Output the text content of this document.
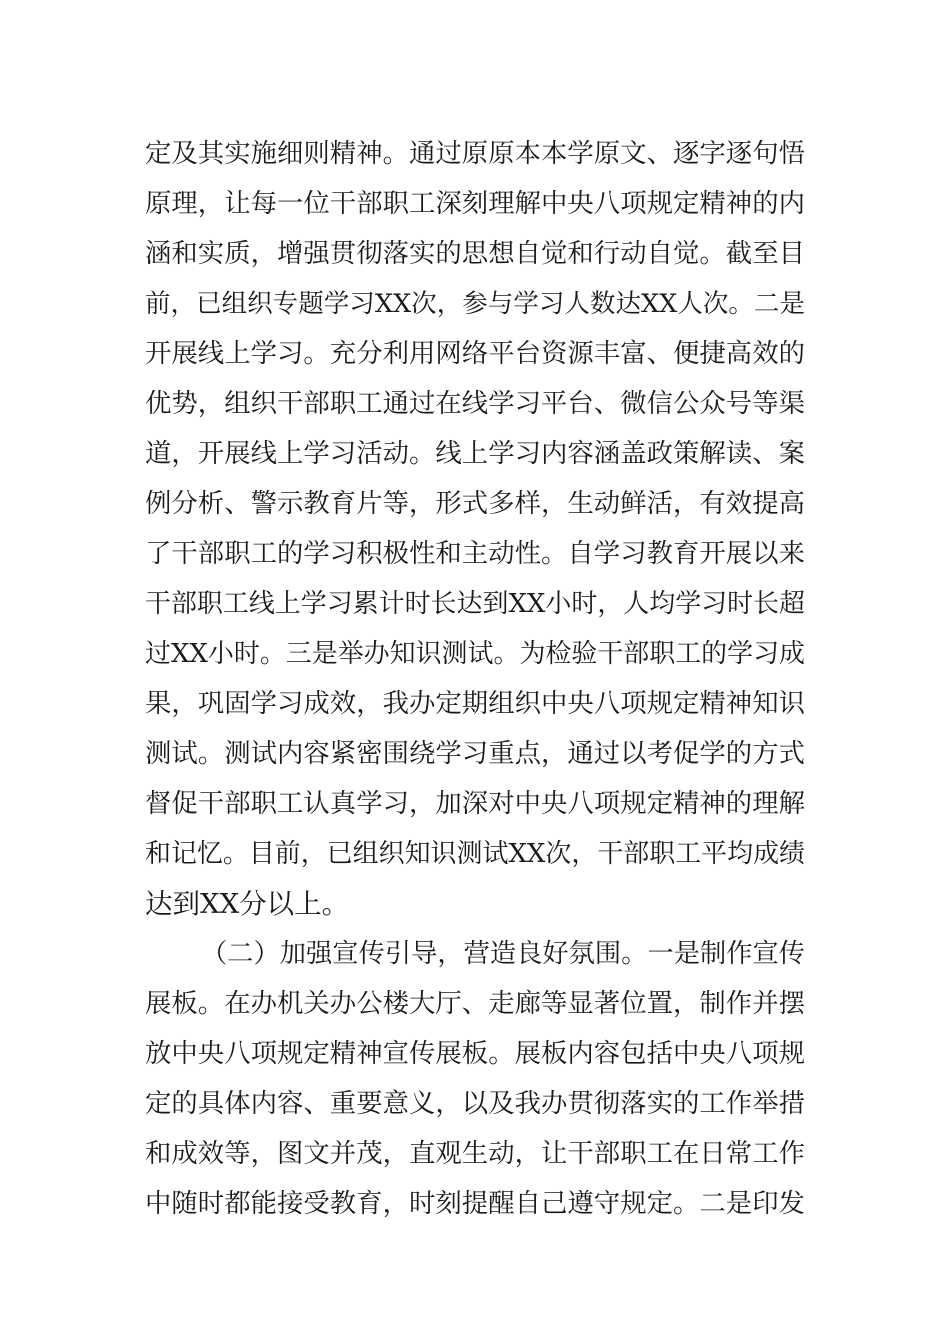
定及其实施细则精神。通过原原本本学原文、逐字逐句悟
原理，让每一位干部职工深刻理解中央八项规定精神的内
涵和实质，增强贯彻落实的思想自觉和行动自觉。截至目
前，已组织专题学习XX次，参与学习人数达XX人次。二是
开展线上学习。充分利用网络平台资源丰富、便捷高效的
优势，组织干部职工通过在线学习平台、微信公众号等渠
道，开展线上学习活动。线上学习内容涵盖政策解读、案
例分析、警示教育片等，形式多样，生动鲜活，有效提高
了干部职工的学习积极性和主动性。自学习教育开展以来
干部职工线上学习累计时长达到XX小时，人均学习时长超
过XX小时。三是举办知识测试。为检验干部职工的学习成
果，巩固学习成效，我办定期组织中央八项规定精神知识
测试。测试内容紧密围绕学习重点，通过以考促学的方式
督促干部职工认真学习，加深对中央八项规定精神的理解
和记忆。目前，已组织知识测试XX次，干部职工平均成绩
达到XX分以上。
（二）加强宣传引导，营造良好氛围。一是制作宣传
展板。在办机关办公楼大厅、走廊等显著位置，制作并摆
放中央八项规定精神宣传展板。展板内容包括中央八项规
定的具体内容、重要意义，以及我办贯彻落实的工作举措
和成效等，图文并茂，直观生动，让干部职工在日常工作
中随时都能接受教育，时刻提醒自己遵守规定。二是印发
